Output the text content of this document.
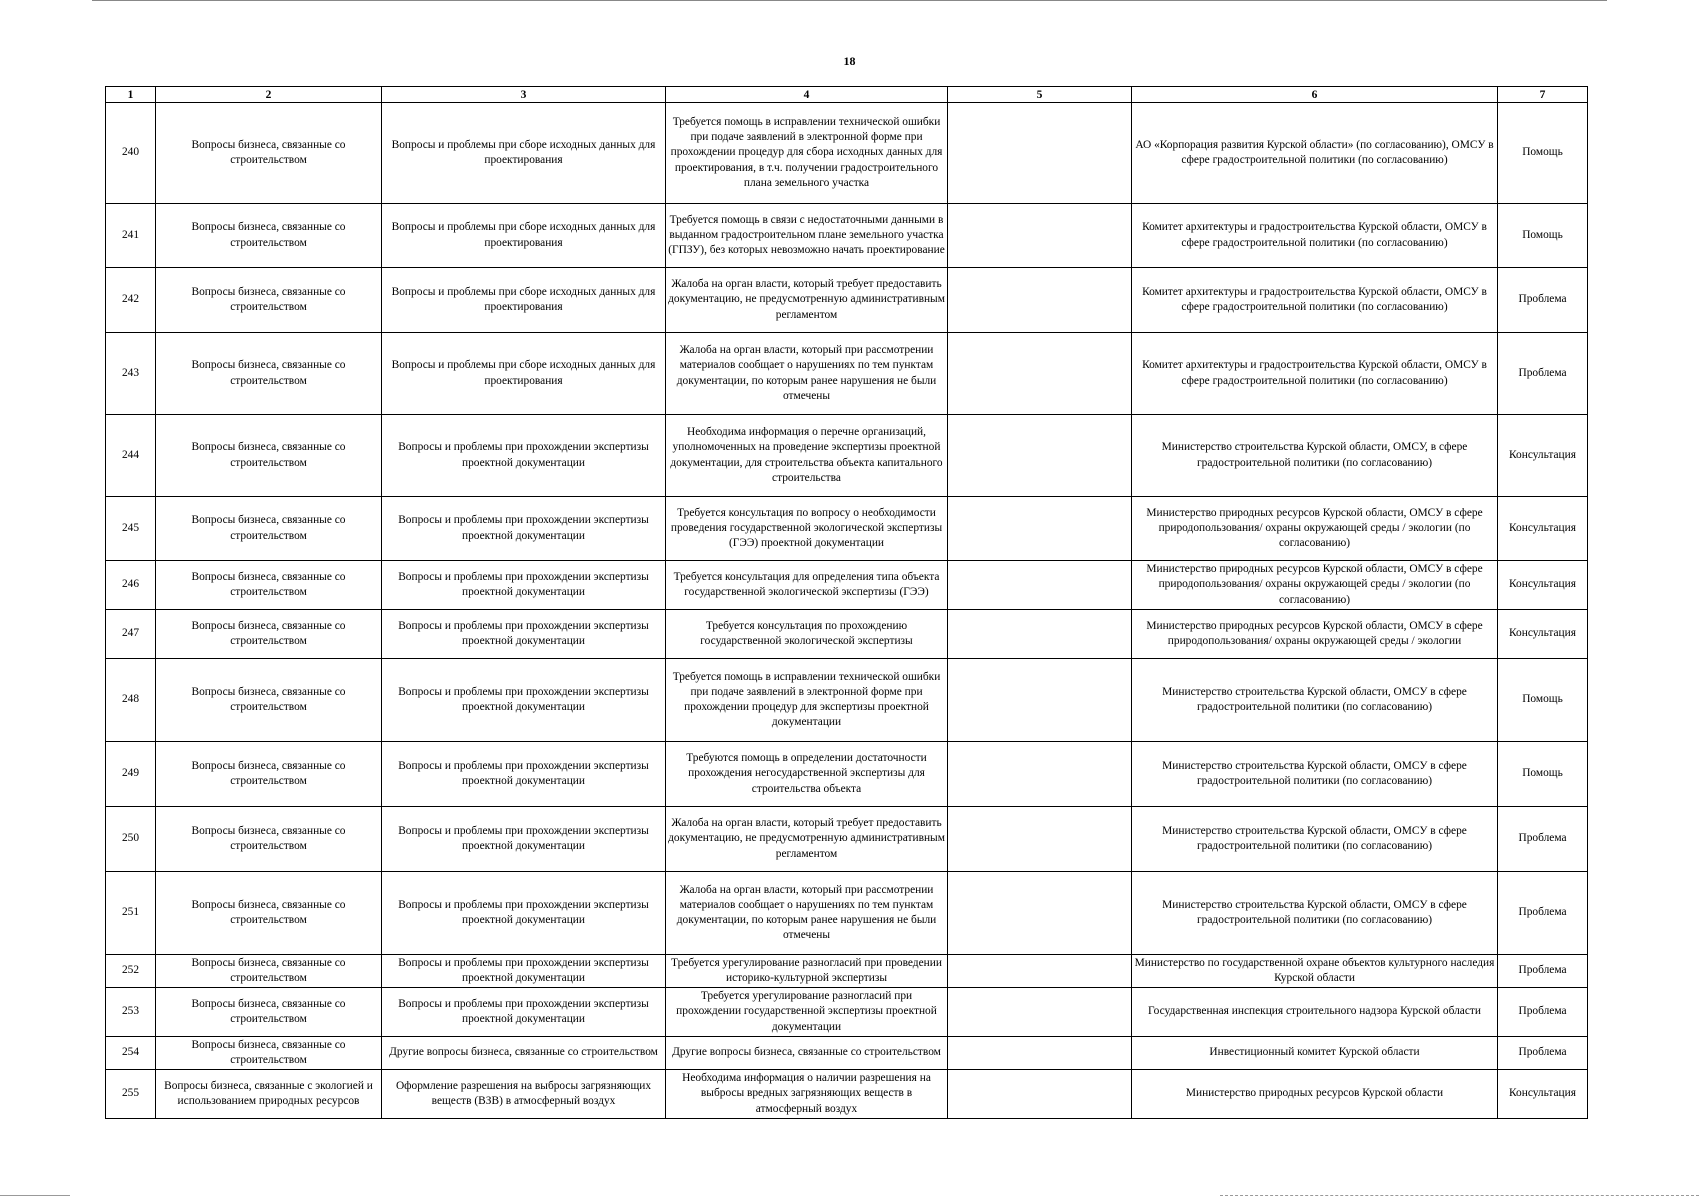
18
1	2	3	4	5	6	7
240	Вопросы бизнеса, связанные со строительством	Вопросы и проблемы при сборе исходных данных для проектирования	Требуется помощь в исправлении технической ошибки при подаче заявлений в электронной форме при прохождении процедур для сбора исходных данных для проектирования, в т.ч. получении градостроительного плана земельного участка		АО «Корпорация развития Курской области» (по согласованию), ОМСУ в сфере градостроительной политики (по согласованию)	Помощь
241	Вопросы бизнеса, связанные со строительством	Вопросы и проблемы при сборе исходных данных для проектирования	Требуется помощь в связи с недостаточными данными в выданном градостроительном плане земельного участка (ГПЗУ), без которых невозможно начать проектирование		Комитет архитектуры и градостроительства Курской области, ОМСУ в сфере градостроительной политики (по согласованию)	Помощь
242	Вопросы бизнеса, связанные со строительством	Вопросы и проблемы при сборе исходных данных для проектирования	Жалоба на орган власти, который требует предоставить документацию, не предусмотренную административным регламентом		Комитет архитектуры и градостроительства Курской области, ОМСУ в сфере градостроительной политики (по согласованию)	Проблема
243	Вопросы бизнеса, связанные со строительством	Вопросы и проблемы при сборе исходных данных для проектирования	Жалоба на орган власти, который при рассмотрении материалов сообщает о нарушениях по тем пунктам документации, по которым ранее нарушения не были отмечены		Комитет архитектуры и градостроительства Курской области, ОМСУ в сфере градостроительной политики (по согласованию)	Проблема
244	Вопросы бизнеса, связанные со строительством	Вопросы и проблемы при прохождении экспертизы проектной документации	Необходима информация о перечне организаций, уполномоченных на проведение экспертизы проектной документации, для строительства объекта капитального строительства		Министерство строительства Курской области, ОМСУ, в сфере градостроительной политики (по согласованию)	Консультация
245	Вопросы бизнеса, связанные со строительством	Вопросы и проблемы при прохождении экспертизы проектной документации	Требуется консультация по вопросу о необходимости проведения государственной экологической экспертизы (ГЭЭ) проектной документации		Министерство природных ресурсов Курской области, ОМСУ в сфере природопользования/ охраны окружающей среды / экологии (по согласованию)	Консультация
246	Вопросы бизнеса, связанные со строительством	Вопросы и проблемы при прохождении экспертизы проектной документации	Требуется консультация для определения типа объекта государственной экологической экспертизы (ГЭЭ)		Министерство природных ресурсов Курской области, ОМСУ в сфере природопользования/ охраны окружающей среды / экологии (по согласованию)	Консультация
247	Вопросы бизнеса, связанные со строительством	Вопросы и проблемы при прохождении экспертизы проектной документации	Требуется консультация по прохождению государственной экологической экспертизы		Министерство природных ресурсов Курской области, ОМСУ в сфере природопользования/ охраны окружающей среды / экологии	Консультация
248	Вопросы бизнеса, связанные со строительством	Вопросы и проблемы при прохождении экспертизы проектной документации	Требуется помощь в исправлении технической ошибки при подаче заявлений в электронной форме при прохождении процедур для экспертизы проектной документации		Министерство строительства Курской области, ОМСУ в сфере градостроительной политики (по согласованию)	Помощь
249	Вопросы бизнеса, связанные со строительством	Вопросы и проблемы при прохождении экспертизы проектной документации	Требуются помощь в определении достаточности прохождения негосударственной экспертизы для строительства объекта		Министерство строительства Курской области, ОМСУ в сфере градостроительной политики (по согласованию)	Помощь
250	Вопросы бизнеса, связанные со строительством	Вопросы и проблемы при прохождении экспертизы проектной документации	Жалоба на орган власти, который требует предоставить документацию, не предусмотренную административным регламентом		Министерство строительства Курской области, ОМСУ в сфере градостроительной политики (по согласованию)	Проблема
251	Вопросы бизнеса, связанные со строительством	Вопросы и проблемы при прохождении экспертизы проектной документации	Жалоба на орган власти, который при рассмотрении материалов сообщает о нарушениях по тем пунктам документации, по которым ранее нарушения не были отмечены		Министерство строительства Курской области, ОМСУ в сфере градостроительной политики (по согласованию)	Проблема
252	Вопросы бизнеса, связанные со строительством	Вопросы и проблемы при прохождении экспертизы проектной документации	Требуется урегулирование разногласий при проведении историко-культурной экспертизы		Министерство по государственной охране объектов культурного наследия Курской области	Проблема
253	Вопросы бизнеса, связанные со строительством	Вопросы и проблемы при прохождении экспертизы проектной документации	Требуется урегулирование разногласий при прохождении государственной экспертизы проектной документации		Государственная инспекция строительного надзора Курской области	Проблема
254	Вопросы бизнеса, связанные со строительством	Другие вопросы бизнеса, связанные со строительством	Другие вопросы бизнеса, связанные со строительством		Инвестиционный комитет Курской области	Проблема
255	Вопросы бизнеса, связанные с экологией и использованием природных ресурсов	Оформление разрешения на выбросы загрязняющих веществ (ВЗВ) в атмосферный воздух	Необходима информация о наличии разрешения на выбросы вредных загрязняющих веществ в атмосферный воздух		Министерство природных ресурсов Курской области	Консультация
